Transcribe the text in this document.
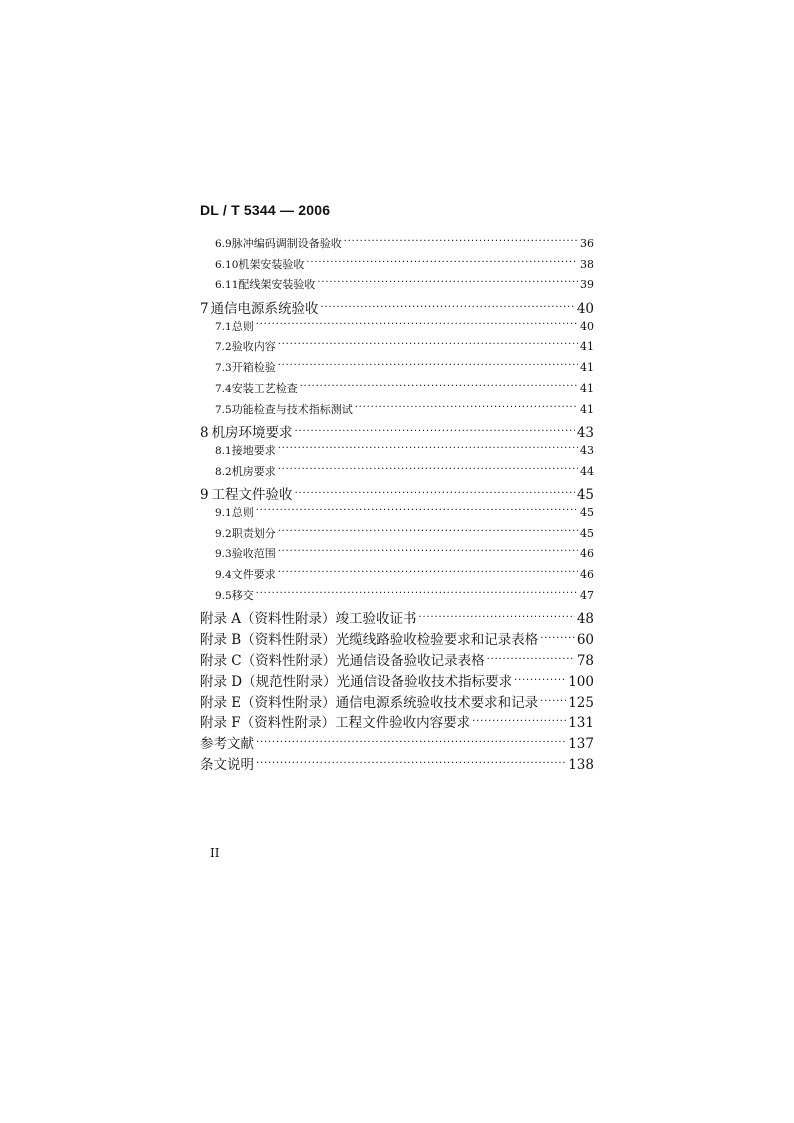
DL / T 5344 — 2006
6.9 脉冲编码调制设备验收 ·····	36
6.10 机架安装验收 ·····	38
6.11 配线架安装验收 ·····	39
7 通信电源系统验收 ·····	40
7.1 总则 ·····	40
7.2 验收内容 ·····	41
7.3 开箱检验 ·····	41
7.4 安装工艺检查 ·····	41
7.5 功能检查与技术指标测试 ·····	41
8 机房环境要求 ·····	43
8.1 接地要求 ·····	43
8.2 机房要求 ·····	44
9 工程文件验收 ·····	45
9.1 总则 ·····	45
9.2 职责划分 ·····	45
9.3 验收范围 ·····	46
9.4 文件要求 ·····	46
9.5 移交 ·····	47
附录 A（资料性附录） 竣工验收证书 ·····	48
附录 B（资料性附录） 光缆线路验收检验要求和记录表格 ·····	60
附录 C（资料性附录） 光通信设备验收记录表格 ·····	78
附录 D（规范性附录） 光通信设备验收技术指标要求 ·····	100
附录 E（资料性附录） 通信电源系统验收技术要求和记录 ····· 125
附录 F（资料性附录） 工程文件验收内容要求 ·····	131
参考文献 ·····	137
条文说明 ·····	138
II
